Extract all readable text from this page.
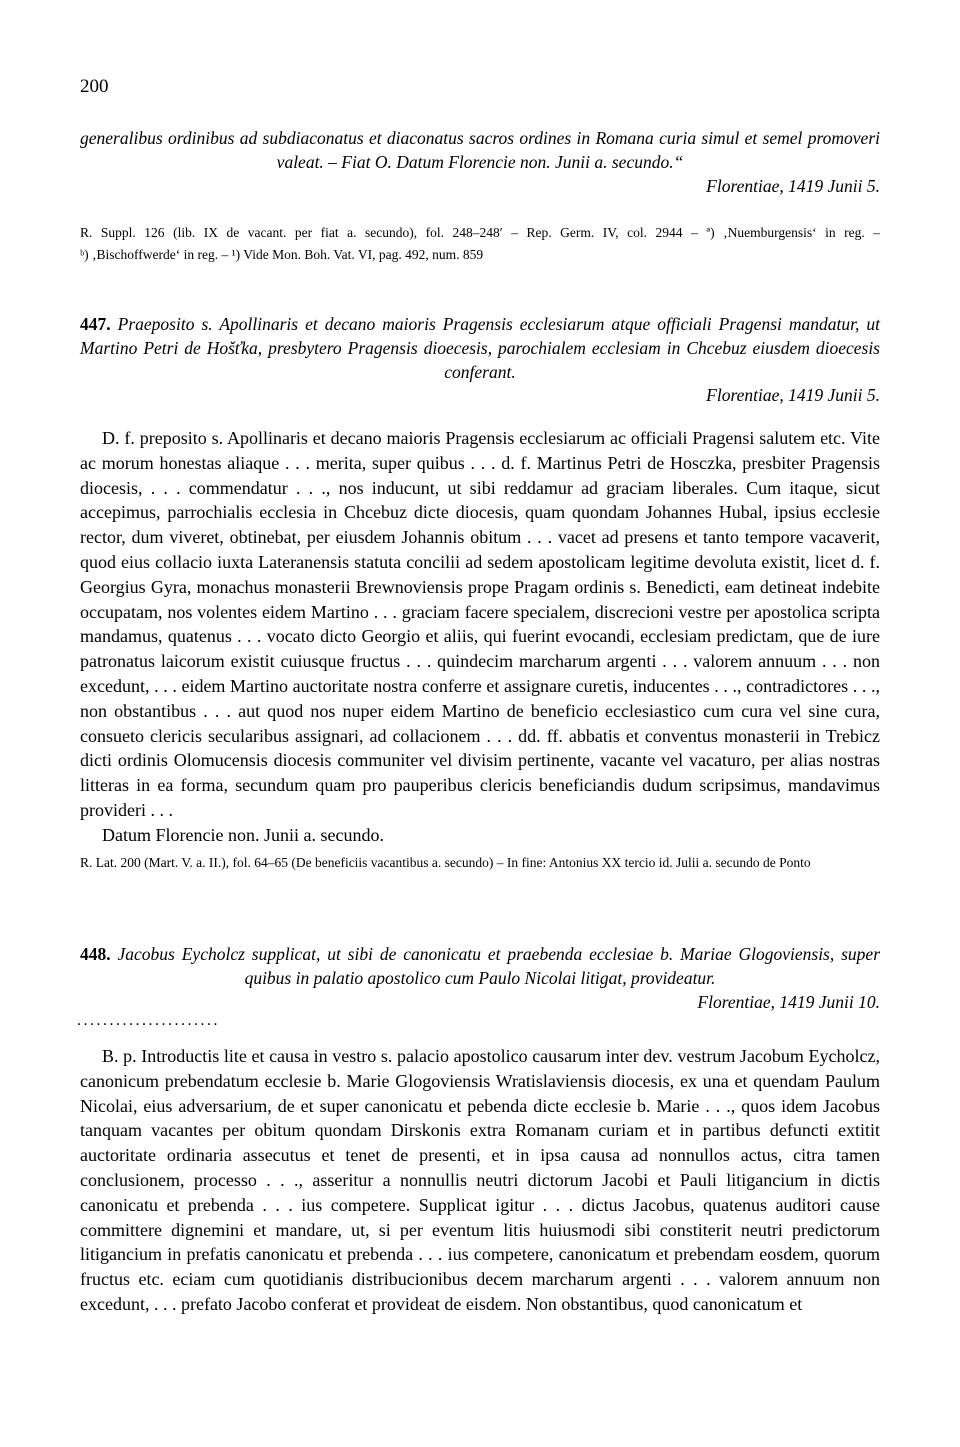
200
generalibus ordinibus ad subdiaconatus et diaconatus sacros ordines in Romana curia simul et semel promoveri
valeat. – Fiat O. Datum Florencie non. Junii a. secundo.“
Florentiae, 1419 Junii 5.
R. Suppl. 126 (lib. IX de vacant. per fiat a. secundo), fol. 248–248′ – Rep. Germ. IV, col. 2944 – ª) ‚Nuemburgensis‘ in reg. –
ᵇ) ‚Bischoffwerde‘ in reg. – ¹) Vide Mon. Boh. Vat. VI, pag. 492, num. 859
447. Praeposito s. Apollinaris et decano maioris Pragensis ecclesiarum atque officiali Pragensi mandatur, ut
Martino Petri de Hošťka, presbytero Pragensis dioecesis, parochialem ecclesiam in Chcebuz eiusdem dioecesis
conferant.
Florentiae, 1419 Junii 5.

D. f. preposito s. Apollinaris et decano maioris Pragensis ecclesiarum ac officiali Pragensi salutem etc. Vite ac morum honestas aliaque . . . merita, super quibus . . . d. f. Martinus Petri de Hosczka, presbiter Pragensis diocesis, . . . commendatur . . ., nos inducunt, ut sibi reddamur ad graciam liberales. Cum itaque, sicut accepimus, parrochialis ecclesia in Chcebuz dicte diocesis, quam quondam Johannes Hubal, ipsius ecclesie rector, dum viveret, obtinebat, per eiusdem Johannis obitum . . . vacet ad presens et tanto tempore vacaverit, quod eius collacio iuxta Lateranensis statuta concilii ad sedem apostolicam legitime devoluta existit, licet d. f. Georgius Gyra, monachus monasterii Brewnoviensis prope Pragam ordinis s. Benedicti, eam detineat indebite occupatam, nos volentes eidem Martino . . . graciam facere specialem, discrecioni vestre per apostolica scripta mandamus, quatenus . . . vocato dicto Georgio et aliis, qui fuerint evocandi, ecclesiam predictam, que de iure patronatus laicorum existit cuiusque fructus . . . quindecim marcharum argenti . . . valorem annuum . . . non excedunt, . . . eidem Martino auctoritate nostra conferre et assignare curetis, inducentes . . ., contradictores . . ., non obstantibus . . . aut quod nos nuper eidem Martino de beneficio ecclesiastico cum cura vel sine cura, consueto clericis secularibus assignari, ad collacionem . . . dd. ff. abbatis et conventus monasterii in Trebicz dicti ordinis Olomucensis diocesis communiter vel divisim pertinente, vacante vel vacaturo, per alias nostras litteras in ea forma, secundum quam pro pauperibus clericis beneficiandis dudum scripsimus, mandavimus provideri . . .

Datum Florencie non. Junii a. secundo.

R. Lat. 200 (Mart. V. a. II.), fol. 64–65 (De beneficiis vacantibus a. secundo) – In fine: Antonius XX tercio id. Julii a. secundo de Ponto
448. Jacobus Eycholcz supplicat, ut sibi de canonicatu et praebenda ecclesiae b. Mariae Glogoviensis, super
quibus in palatio apostolico cum Paulo Nicolai litigat, provideatur.
Florentiae, 1419 Junii 10.
......................

B. p. Introductis lite et causa in vestro s. palacio apostolico causarum inter dev. vestrum Jacobum Eycholcz, canonicum prebendatum ecclesie b. Marie Glogoviensis Wratislaviensis diocesis, ex una et quendam Paulum Nicolai, eius adversarium, de et super canonicatu et pebenda dicte ecclesie b. Marie . . ., quos idem Jacobus tanquam vacantes per obitum quondam Dirskonis extra Romanam curiam et in partibus defuncti extitit auctoritate ordinaria assecutus et tenet de presenti, et in ipsa causa ad nonnullos actus, citra tamen conclusionem, processo . . ., asseritur a nonnullis neutri dictorum Jacobi et Pauli litigancium in dictis canonicatu et prebenda . . . ius competere. Supplicat igitur . . . dictus Jacobus, quatenus auditori cause committere dignemini et mandare, ut, si per eventum litis huiusmodi sibi constiterit neutri predictorum litigancium in prefatis canonicatu et prebenda . . . ius competere, canonicatum et prebendam eosdem, quorum fructus etc. eciam cum quotidianis distribucionibus decem marcharum argenti . . . valorem annuum non excedunt, . . . prefato Jacobo conferat et provideat de eisdem. Non obstantibus, quod canonicatum et
